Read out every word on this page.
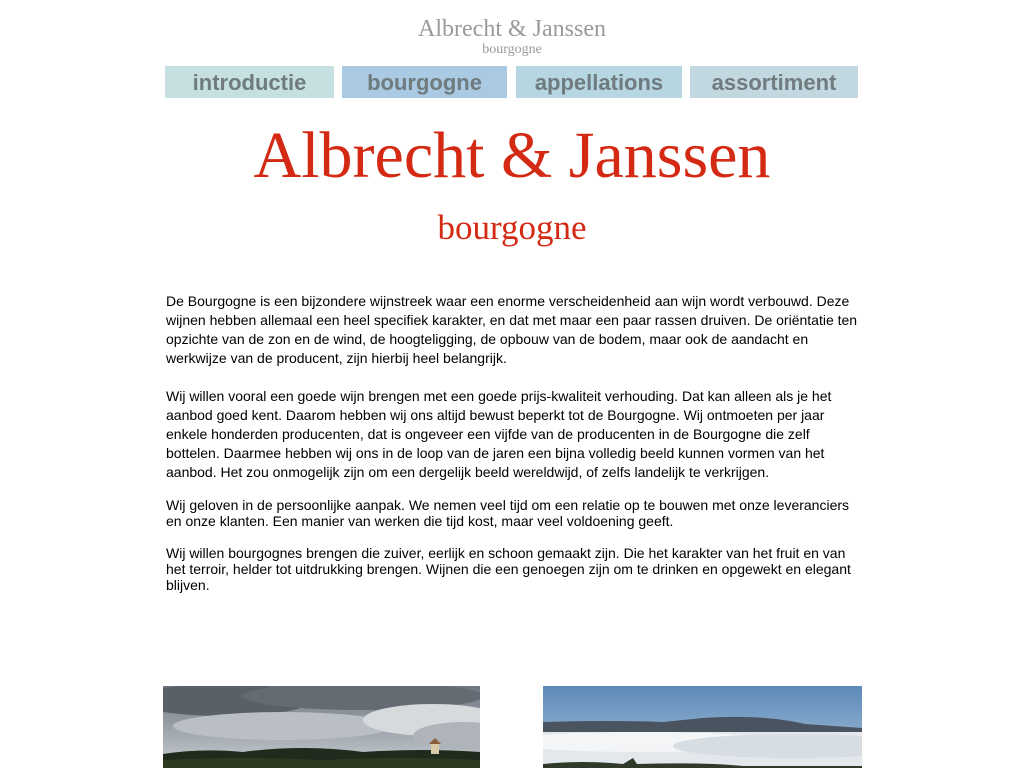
Albrecht & Janssen
bourgogne
introductie	bourgogne	appellations	assortiment
Albrecht & Janssen
bourgogne

De Bourgogne is een bijzondere wijnstreek waar een enorme verscheidenheid aan wijn wordt verbouwd. Deze wijnen hebben allemaal een heel specifiek karakter, en dat met maar een paar rassen druiven. De oriëntatie ten opzichte van de zon en de wind, de hoogteligging, de opbouw van de bodem, maar ook de aandacht en werkwijze van de producent, zijn hierbij heel belangrijk.

Wij willen vooral een goede wijn brengen met een goede prijs-kwaliteit verhouding. Dat kan alleen als je het aanbod goed kent. Daarom hebben wij ons altijd bewust beperkt tot de Bourgogne. Wij ontmoeten per jaar enkele honderden producenten, dat is ongeveer een vijfde van de producenten in de Bourgogne die zelf bottelen. Daarmee hebben wij ons in de loop van de jaren een bijna volledig beeld kunnen vormen van het aanbod. Het zou onmogelijk zijn om een dergelijk beeld wereldwijd, of zelfs landelijk te verkrijgen.

Wij geloven in de persoonlijke aanpak. We nemen veel tijd om een relatie op te bouwen met onze leveranciers en onze klanten. Een manier van werken die tijd kost, maar veel voldoening geeft.

Wij willen bourgognes brengen die zuiver, eerlijk en schoon gemaakt zijn. Die het karakter van het fruit en van het terroir, helder tot uitdrukking brengen. Wijnen die een genoegen zijn om te drinken en opgewekt en elegant blijven.
